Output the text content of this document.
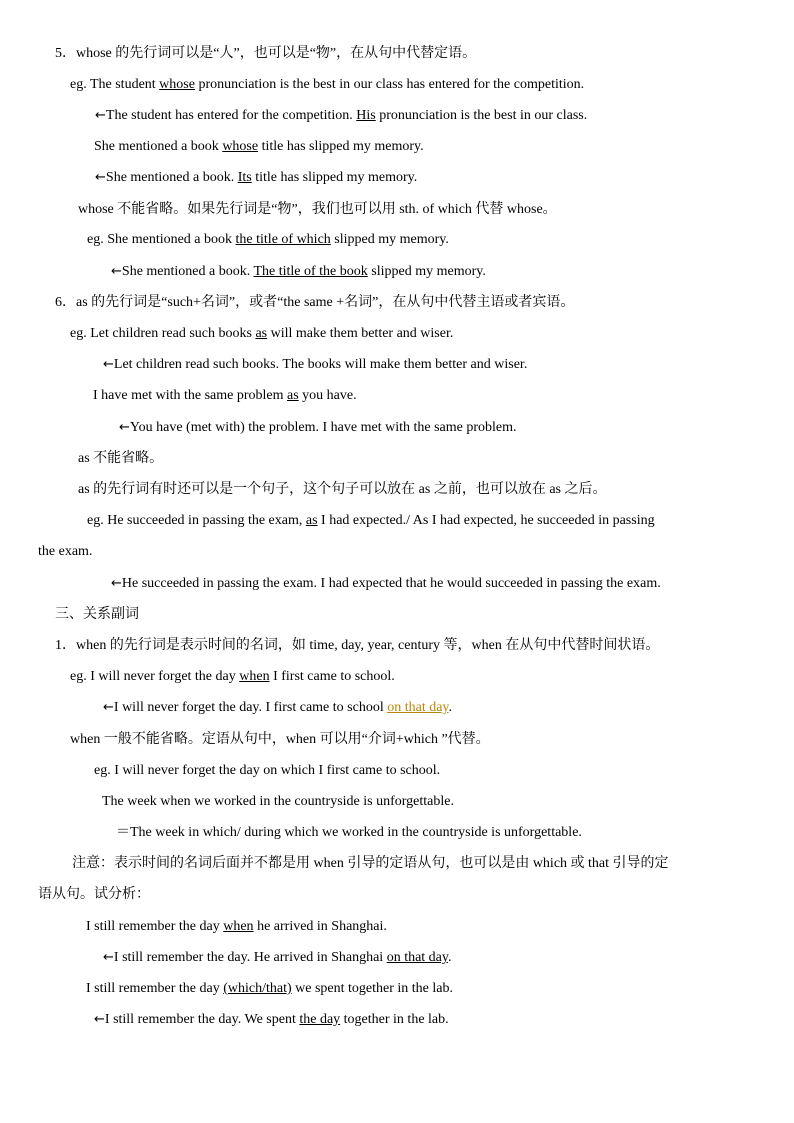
5．whose 的先行词可以是“人”，也可以是“物”，在从句中代替定语。
eg. The student whose pronunciation is the best in our class has entered for the competition.
←The student has entered for the competition. His pronunciation is the best in our class.
She mentioned a book whose title has slipped my memory.
←She mentioned a book. Its title has slipped my memory.
whose 不能省略。如果先行词是“物”，我们也可以用 sth. of which 代替 whose。
eg. She mentioned a book the title of which slipped my memory.
←She mentioned a book. The title of the book slipped my memory.
6．as 的先行词是“such+名词”，或者“the same +名词”，在从句中代替主语或者宾语。
eg. Let children read such books as will make them better and wiser.
←Let children read such books. The books will make them better and wiser.
I have met with the same problem as you have.
←You have (met with) the problem. I have met with the same problem.
as 不能省略。
as 的先行词有时还可以是一个句子，这个句子可以放在 as 之前，也可以放在 as 之后。
eg. He succeeded in passing the exam, as I had expected./ As I had expected, he succeeded in passing
the exam.
←He succeeded in passing the exam. I had expected that he would succeeded in passing the exam.
三、关系副词
1．when 的先行词是表示时间的名词，如 time, day, year, century 等，when 在从句中代替时间状语。
eg. I will never forget the day when I first came to school.
←I will never forget the day. I first came to school on that day.
when 一般不能省略。定语从句中，when 可以用“介词+which ”代替。
eg. I will never forget the day on which I first came to school.
The week when we worked in the countryside is unforgettable.
＝The week in which/ during which we worked in the countryside is unforgettable.
注意：表示时间的名词后面并不都是用 when 引导的定语从句，也可以是由 which 或 that 引导的定
语从句。试分析：
I still remember the day when he arrived in Shanghai.
←I still remember the day. He arrived in Shanghai on that day.
I still remember the day (which/that) we spent together in the lab.
←I still remember the day. We spent the day together in the lab.
